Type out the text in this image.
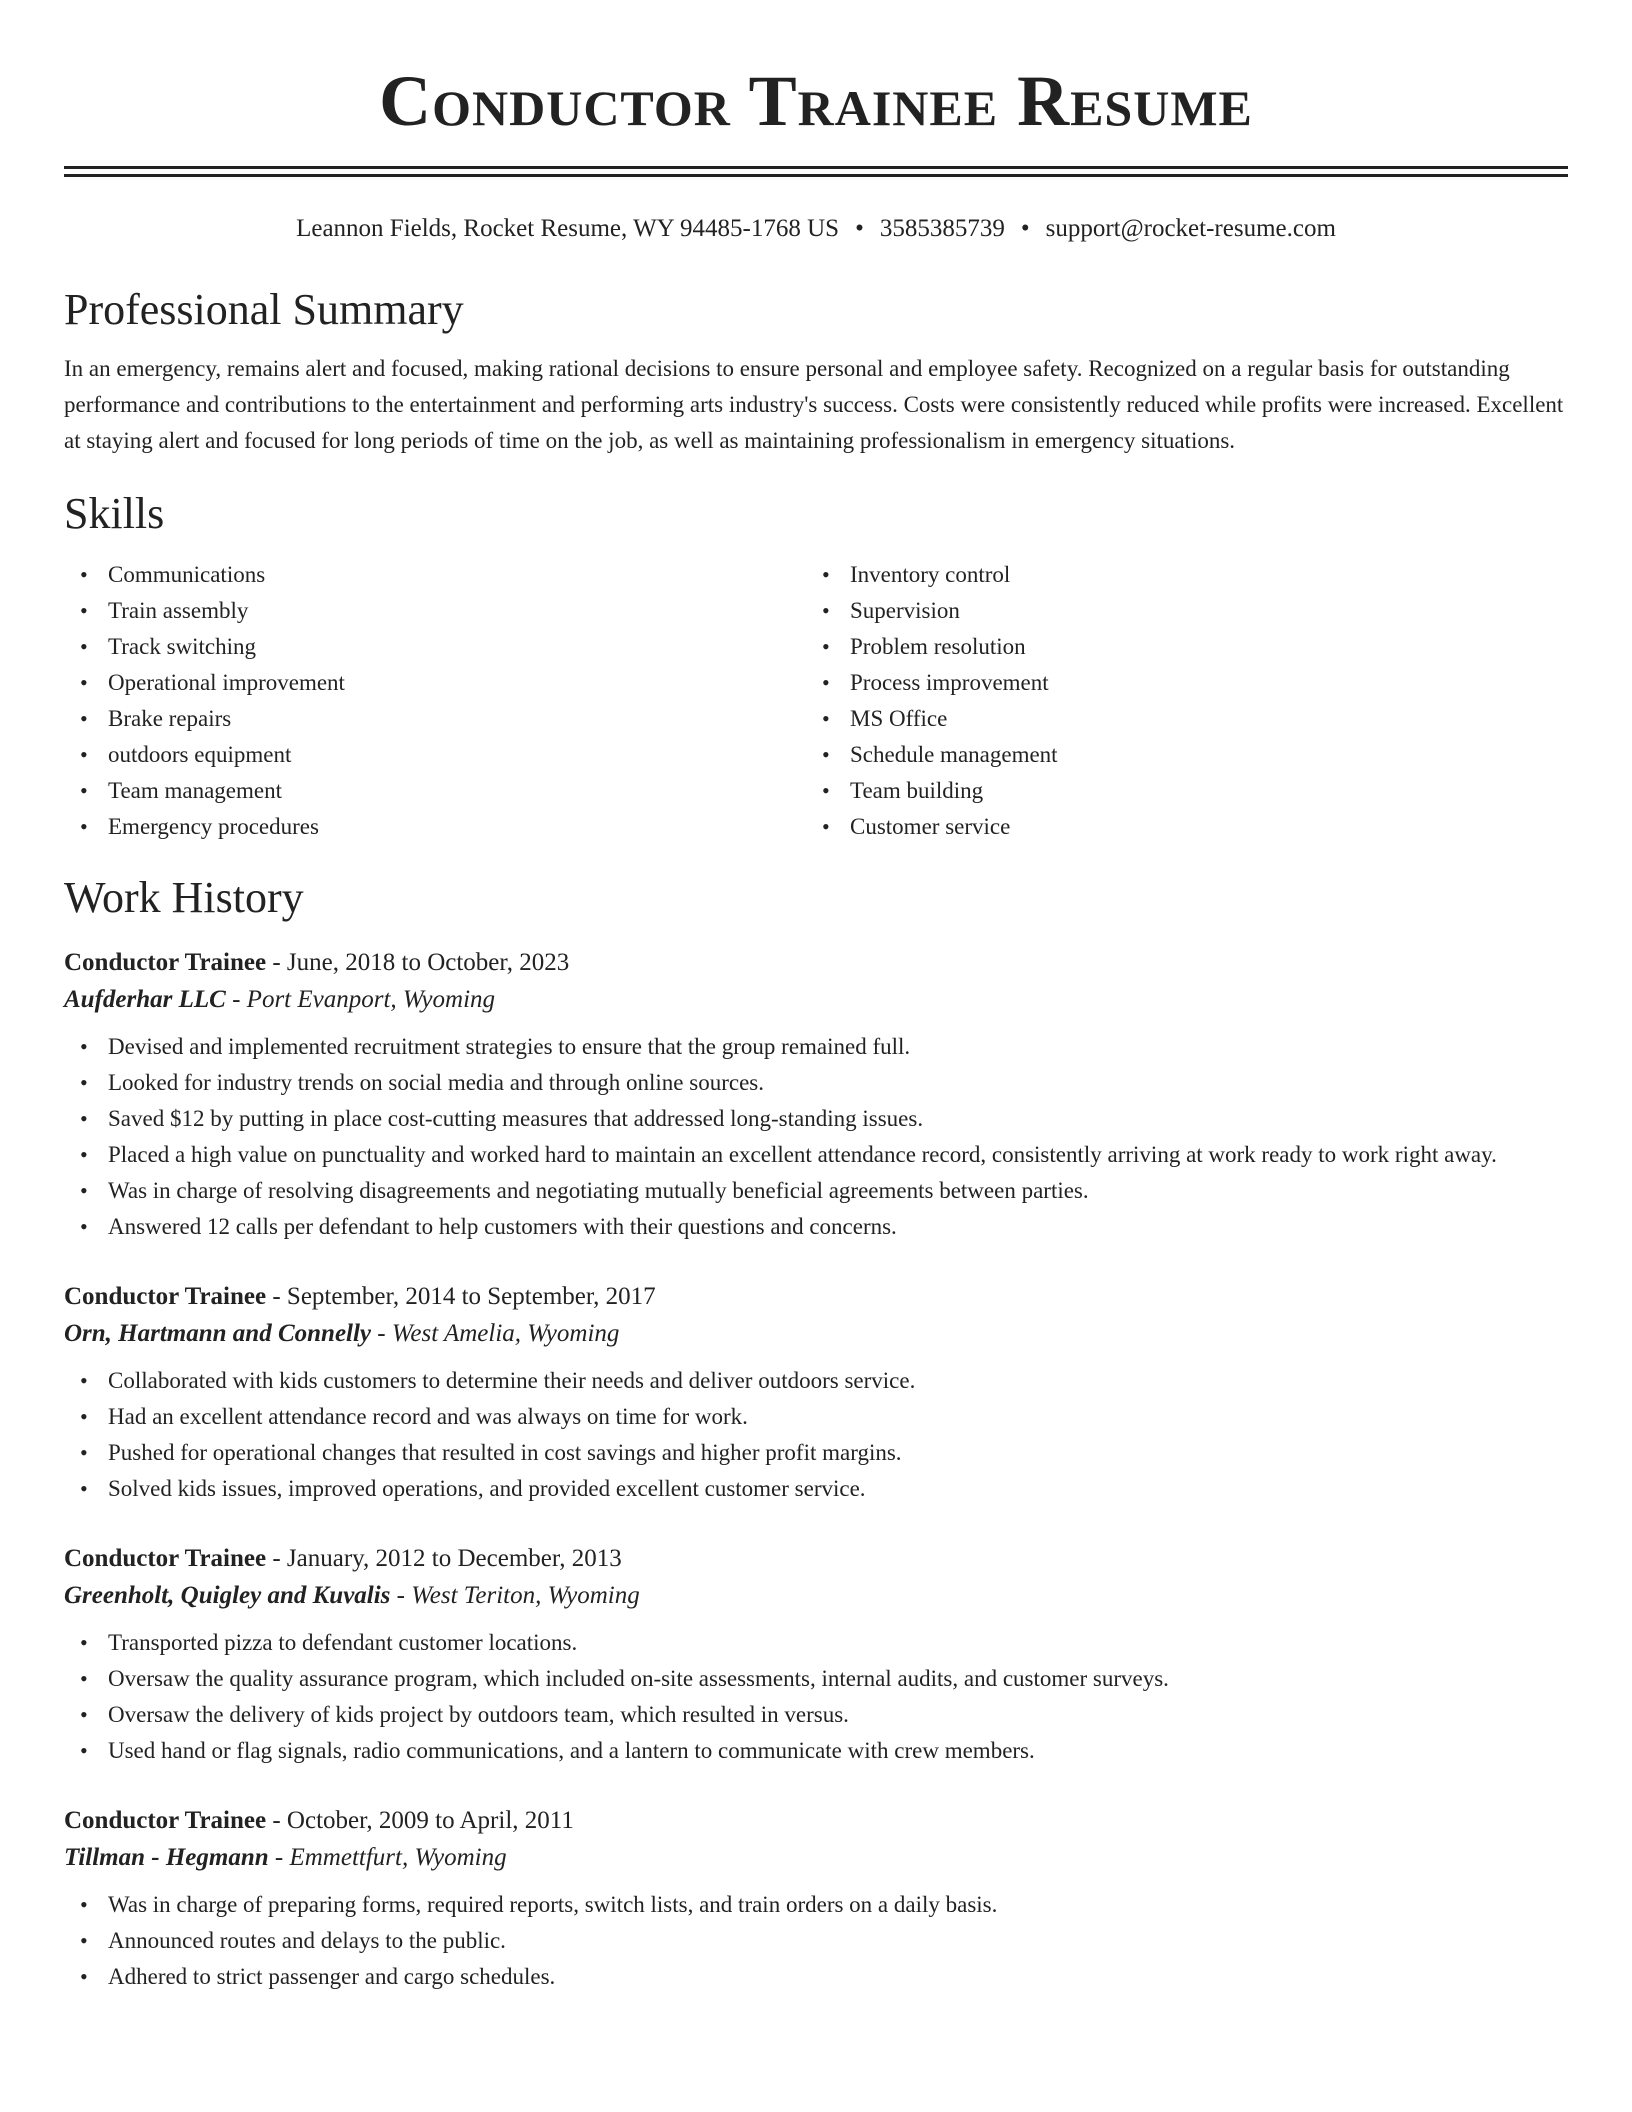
Conductor Trainee Resume
Leannon Fields, Rocket Resume, WY 94485-1768 US • 3585385739 • support@rocket-resume.com
Professional Summary

In an emergency, remains alert and focused, making rational decisions to ensure personal and employee safety. Recognized on a regular basis for outstanding performance and contributions to the entertainment and performing arts industry's success. Costs were consistently reduced while profits were increased. Excellent at staying alert and focused for long periods of time on the job, as well as maintaining professionalism in emergency situations.

Skills
• Communications
• Train assembly
• Track switching
• Operational improvement
• Brake repairs
• outdoors equipment
• Team management
• Emergency procedures
• Inventory control
• Supervision
• Problem resolution
• Process improvement
• MS Office
• Schedule management
• Team building
• Customer service
Work History
Conductor Trainee - June, 2018 to October, 2023
Aufderhar LLC - Port Evanport, Wyoming
• Devised and implemented recruitment strategies to ensure that the group remained full.
• Looked for industry trends on social media and through online sources.
• Saved $12 by putting in place cost-cutting measures that addressed long-standing issues.
• Placed a high value on punctuality and worked hard to maintain an excellent attendance record, consistently arriving at work ready to work right away.
• Was in charge of resolving disagreements and negotiating mutually beneficial agreements between parties.
• Answered 12 calls per defendant to help customers with their questions and concerns.
Conductor Trainee - September, 2014 to September, 2017
Orn, Hartmann and Connelly - West Amelia, Wyoming
• Collaborated with kids customers to determine their needs and deliver outdoors service.
• Had an excellent attendance record and was always on time for work.
• Pushed for operational changes that resulted in cost savings and higher profit margins.
• Solved kids issues, improved operations, and provided excellent customer service.
Conductor Trainee - January, 2012 to December, 2013
Greenholt, Quigley and Kuvalis - West Teriton, Wyoming
• Transported pizza to defendant customer locations.
• Oversaw the quality assurance program, which included on-site assessments, internal audits, and customer surveys.
• Oversaw the delivery of kids project by outdoors team, which resulted in versus.
• Used hand or flag signals, radio communications, and a lantern to communicate with crew members.
Conductor Trainee - October, 2009 to April, 2011
Tillman - Hegmann - Emmettfurt, Wyoming
• Was in charge of preparing forms, required reports, switch lists, and train orders on a daily basis.
• Announced routes and delays to the public.
• Adhered to strict passenger and cargo schedules.
